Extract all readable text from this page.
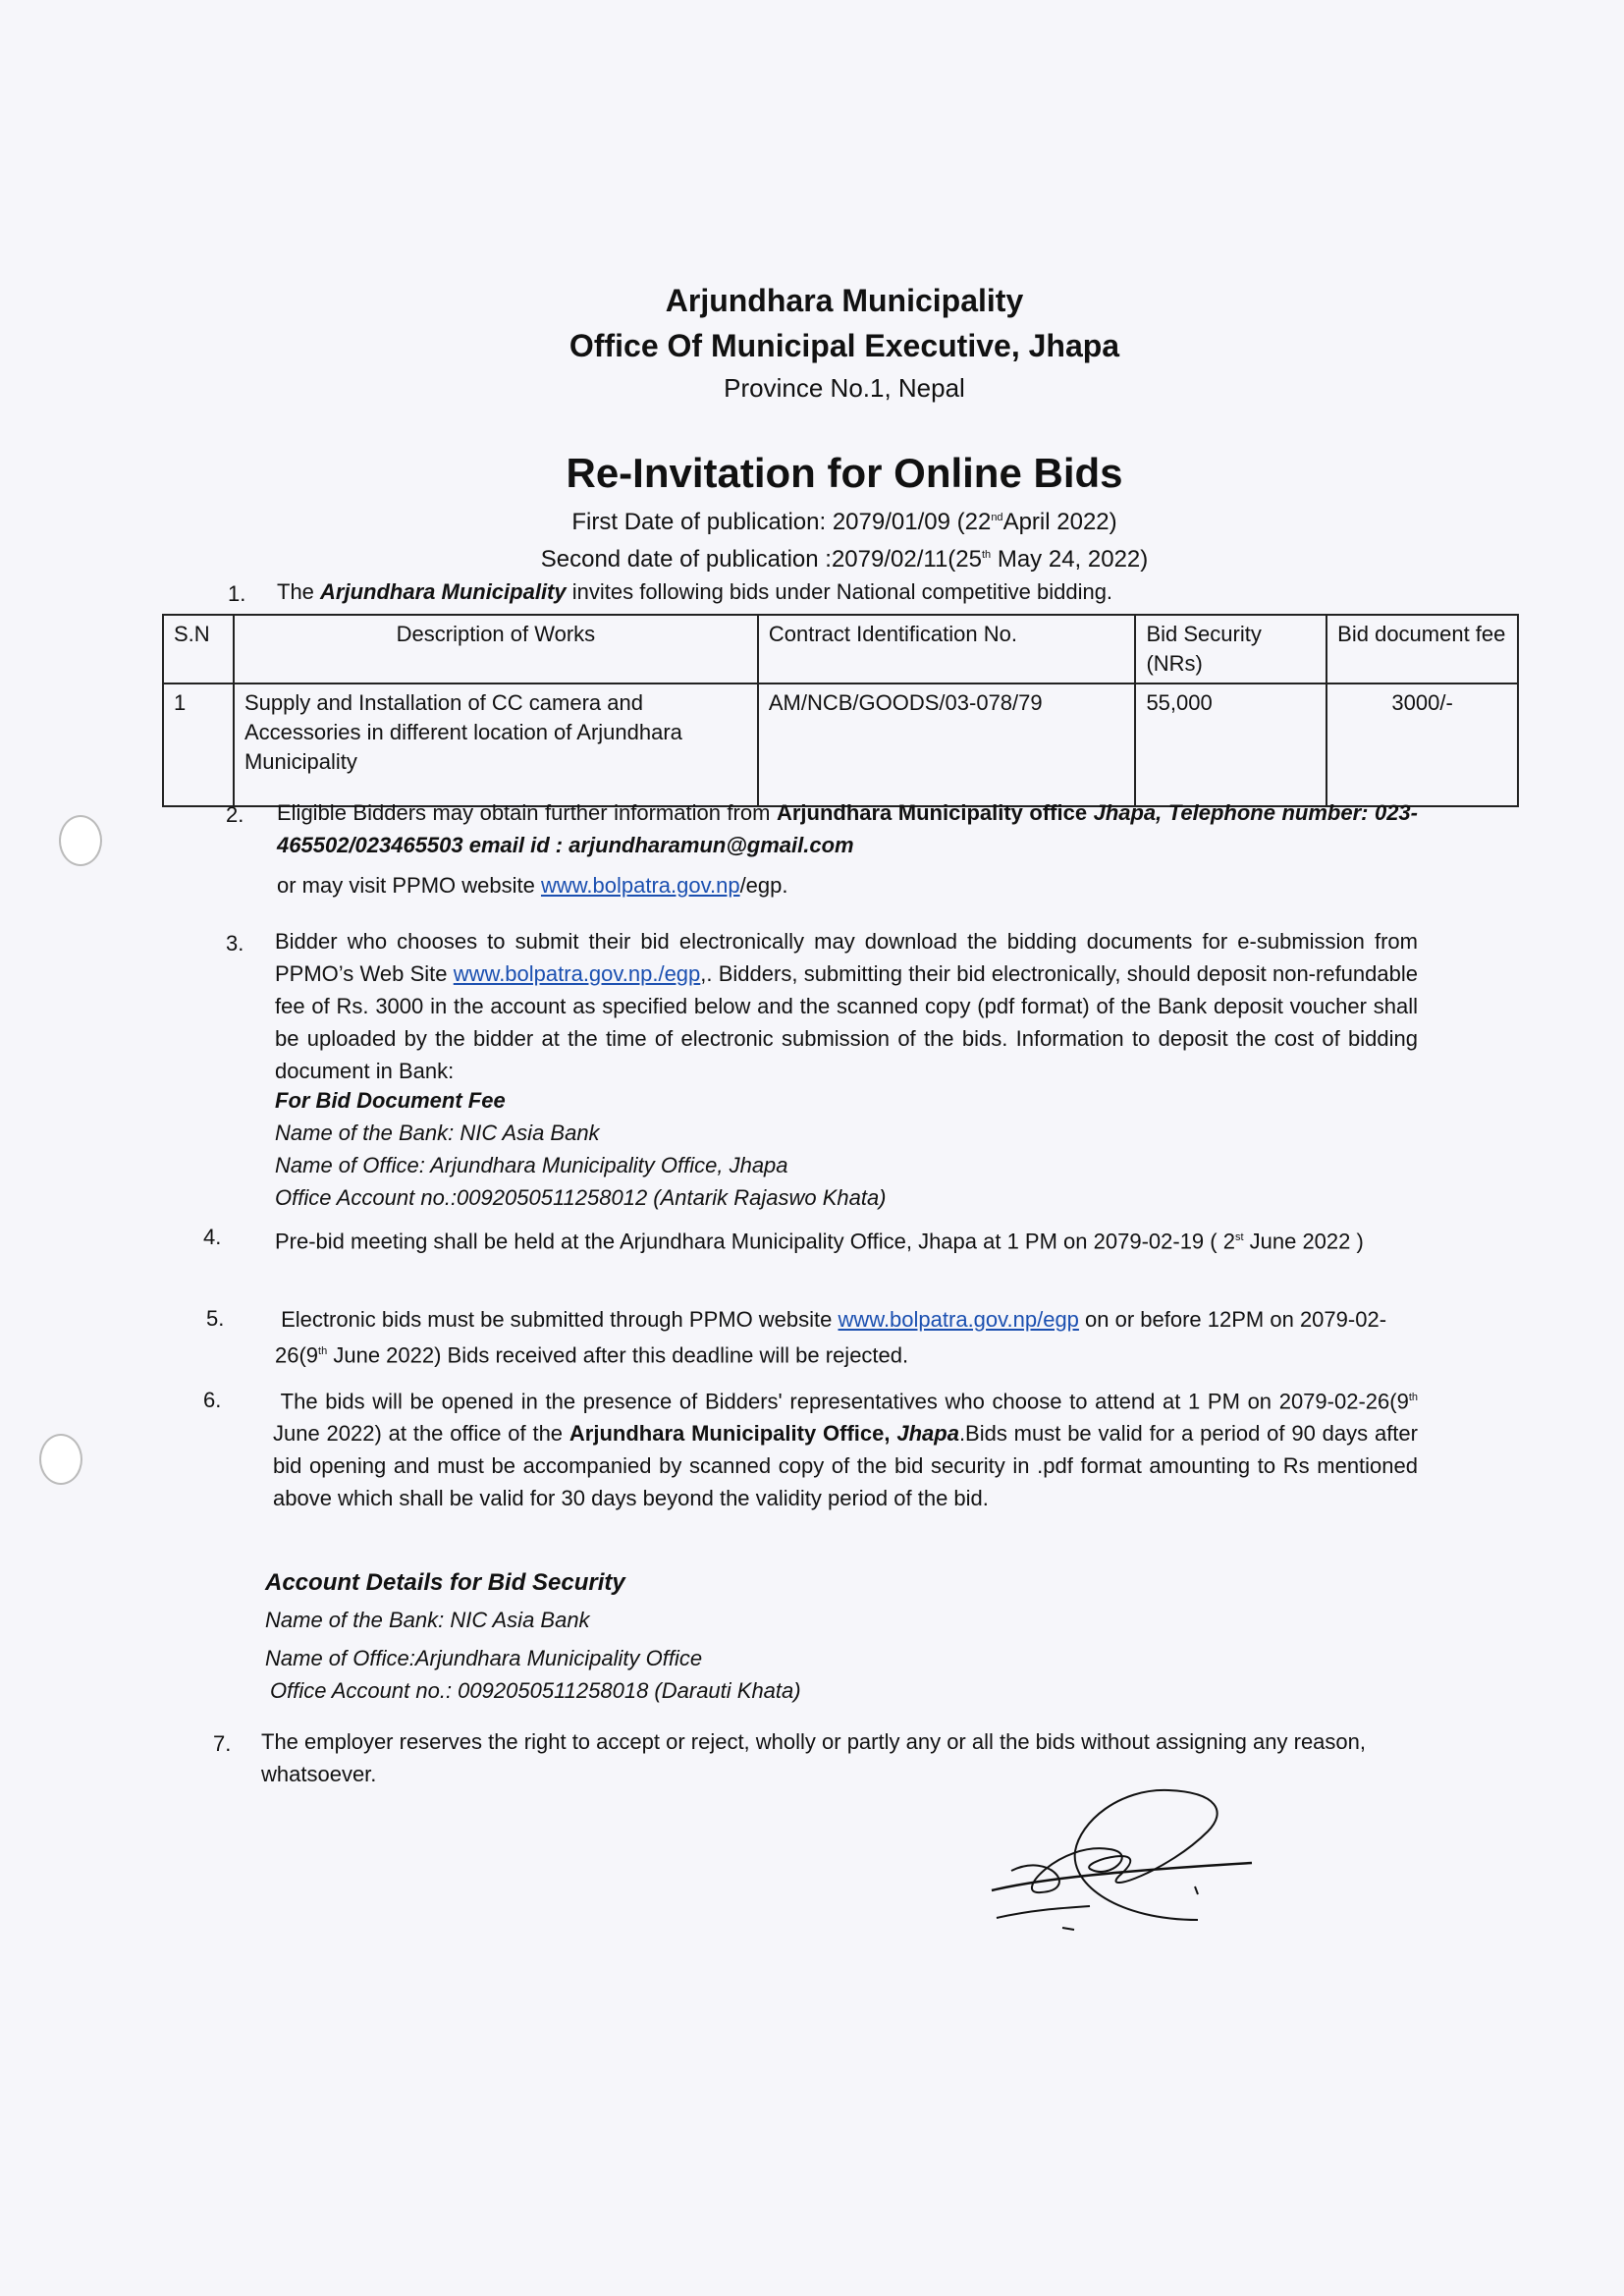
Arjundhara Municipality
Office Of Municipal Executive, Jhapa
Province No.1, Nepal
Re-Invitation for Online Bids
First Date of publication: 2079/01/09 (22ndApril 2022)
Second date of publication :2079/02/11(25th May 24, 2022)
1. The Arjundhara Municipality invites following bids under National competitive bidding.
S.N	Description of Works	Contract Identification No.	Bid Security (NRs)	Bid document fee
1	Supply and Installation of CC camera and Accessories in different location of Arjundhara Municipality	AM/NCB/GOODS/03-078/79	55,000	3000/-
2. Eligible Bidders may obtain further information from Arjundhara Municipality office Jhapa, Telephone number: 023-465502/023465503 email id : arjundharamun@gmail.com
or may visit PPMO website www.bolpatra.gov.np/egp.
3. Bidder who chooses to submit their bid electronically may download the bidding documents for e-submission from PPMO’s Web Site www.bolpatra.gov.np./egp,. Bidders, submitting their bid electronically, should deposit non-refundable fee of Rs. 3000 in the account as specified below and the scanned copy (pdf format) of the Bank deposit voucher shall be uploaded by the bidder at the time of electronic submission of the bids. Information to deposit the cost of bidding document in Bank:
For Bid Document Fee
Name of the Bank: NIC Asia Bank
Name of Office: Arjundhara Municipality Office, Jhapa
Office Account no.:0092050511258012 (Antarik Rajaswo Khata)
4. Pre-bid meeting shall be held at the Arjundhara Municipality Office, Jhapa at 1 PM on 2079-02-19 ( 2st June 2022 )
5.	Electronic bids must be submitted through PPMO website www.bolpatra.gov.np/egp on or before 12PM on 2079-02-26(9th June 2022) Bids received after this deadline will be rejected.
6.	The bids will be opened in the presence of Bidders' representatives who choose to attend at 1 PM on 2079-02-26(9th June 2022) at the office of the Arjundhara Municipality Office, Jhapa.Bids must be valid for a period of 90 days after bid opening and must be accompanied by scanned copy of the bid security in .pdf format amounting to Rs mentioned above which shall be valid for 30 days beyond the validity period of the bid.
Account Details for Bid Security
Name of the Bank: NIC Asia Bank
Name of Office:Arjundhara Municipality Office
Office Account no.: 0092050511258018 (Darauti Khata)
7. The employer reserves the right to accept or reject, wholly or partly any or all the bids without assigning any reason, whatsoever.
